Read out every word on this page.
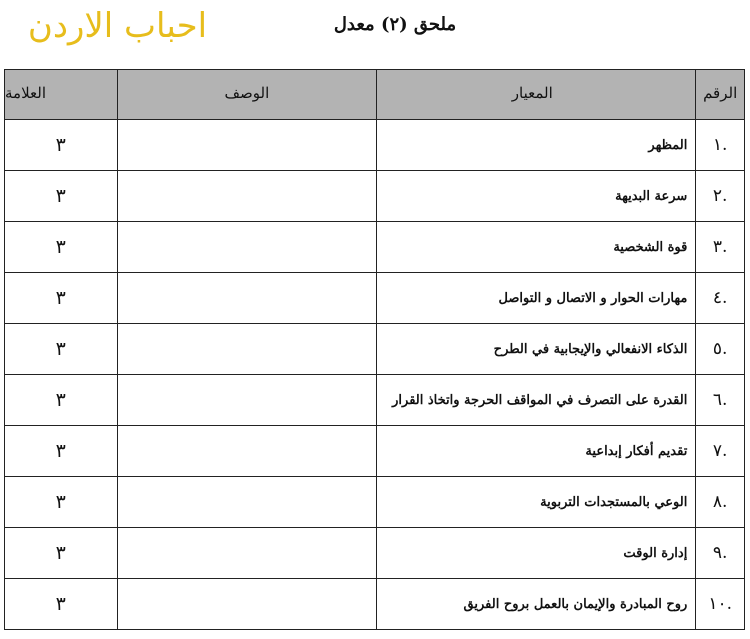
احباب الاردن	ملحق (٢) معدل
الرقم	المعيار	الوصف	العلامة
.١	المظهر		٣
.٢	سرعة البديهة		٣
.٣	قوة الشخصية		٣
.٤	مهارات الحوار و الاتصال و التواصل		٣
.٥	الذكاء الانفعالي والإيجابية في الطرح		٣
.٦	القدرة على التصرف في المواقف الحرجة واتخاذ القرار		٣
.٧	تقديم أفكار إبداعية		٣
.٨	الوعي بالمستجدات التربوية		٣
.٩	إدارة الوقت		٣
.١٠	روح المبادرة والإيمان بالعمل بروح الفريق		٣
